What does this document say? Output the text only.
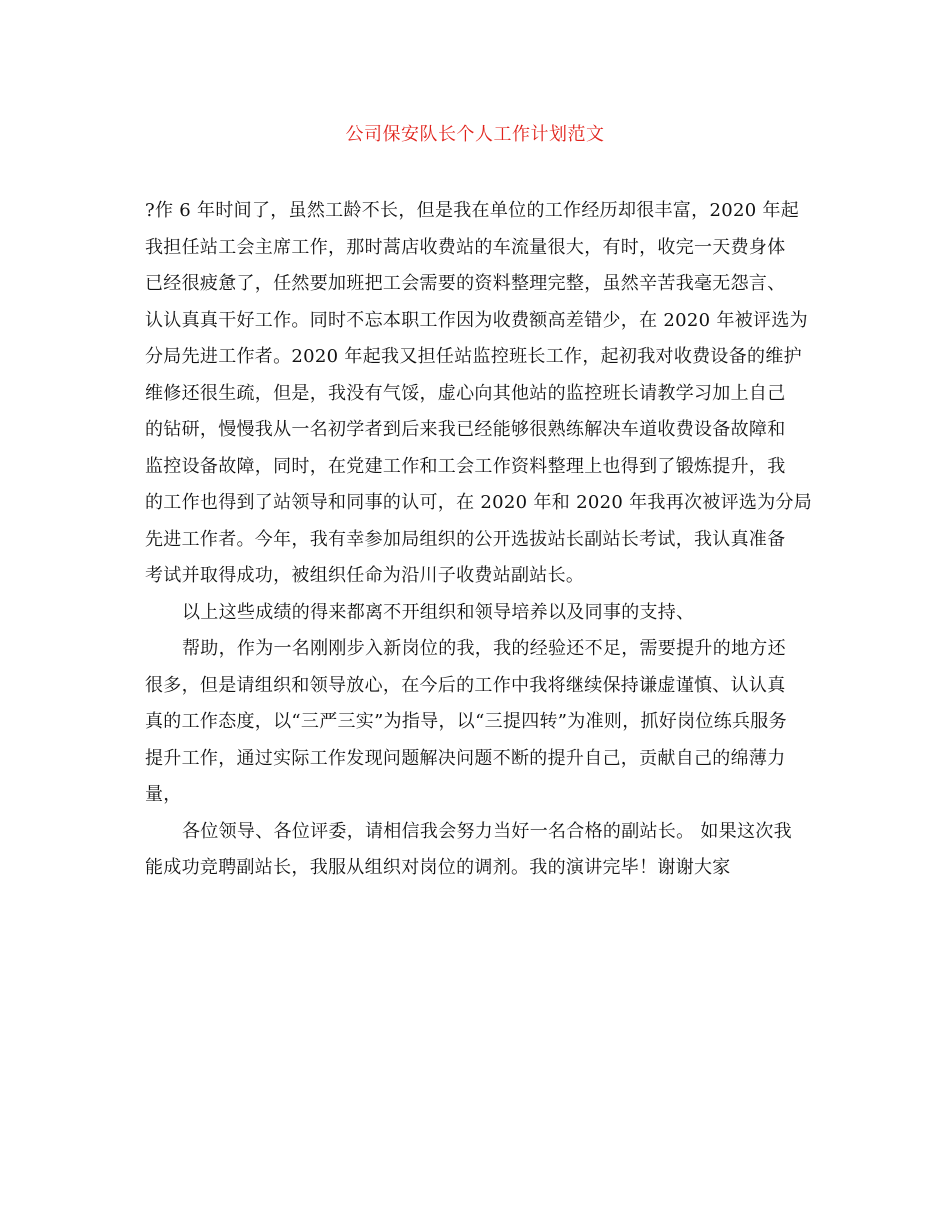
公司保安队长个人工作计划范文
?作 6 年时间了，虽然工龄不长，但是我在单位的工作经历却很丰富，2020 年起
我担任站工会主席工作，那时蒿店收费站的车流量很大，有时，收完一天费身体
已经很疲惫了，任然要加班把工会需要的资料整理完整，虽然辛苦我毫无怨言、
认认真真干好工作。同时不忘本职工作因为收费额高差错少，在 2020 年被评选为
分局先进工作者。2020 年起我又担任站监控班长工作，起初我对收费设备的维护
维修还很生疏，但是，我没有气馁，虚心向其他站的监控班长请教学习加上自己
的钻研，慢慢我从一名初学者到后来我已经能够很熟练解决车道收费设备故障和
监控设备故障，同时，在党建工作和工会工作资料整理上也得到了锻炼提升，我
的工作也得到了站领导和同事的认可，在 2020 年和 2020 年我再次被评选为分局
先进工作者。今年，我有幸参加局组织的公开选拔站长副站长考试，我认真准备
考试并取得成功，被组织任命为沿川子收费站副站长。
以上这些成绩的得来都离不开组织和领导培养以及同事的支持、
帮助，作为一名刚刚步入新岗位的我，我的经验还不足，需要提升的地方还
很多，但是请组织和领导放心，在今后的工作中我将继续保持谦虚谨慎、认认真
真的工作态度，以“三严三实”为指导，以“三提四转”为准则，抓好岗位练兵服务
提升工作，通过实际工作发现问题解决问题不断的提升自己，贡献自己的绵薄力
量，
各位领导、各位评委，请相信我会努力当好一名合格的副站长。 如果这次我
能成功竞聘副站长，我服从组织对岗位的调剂。我的演讲完毕！谢谢大家
